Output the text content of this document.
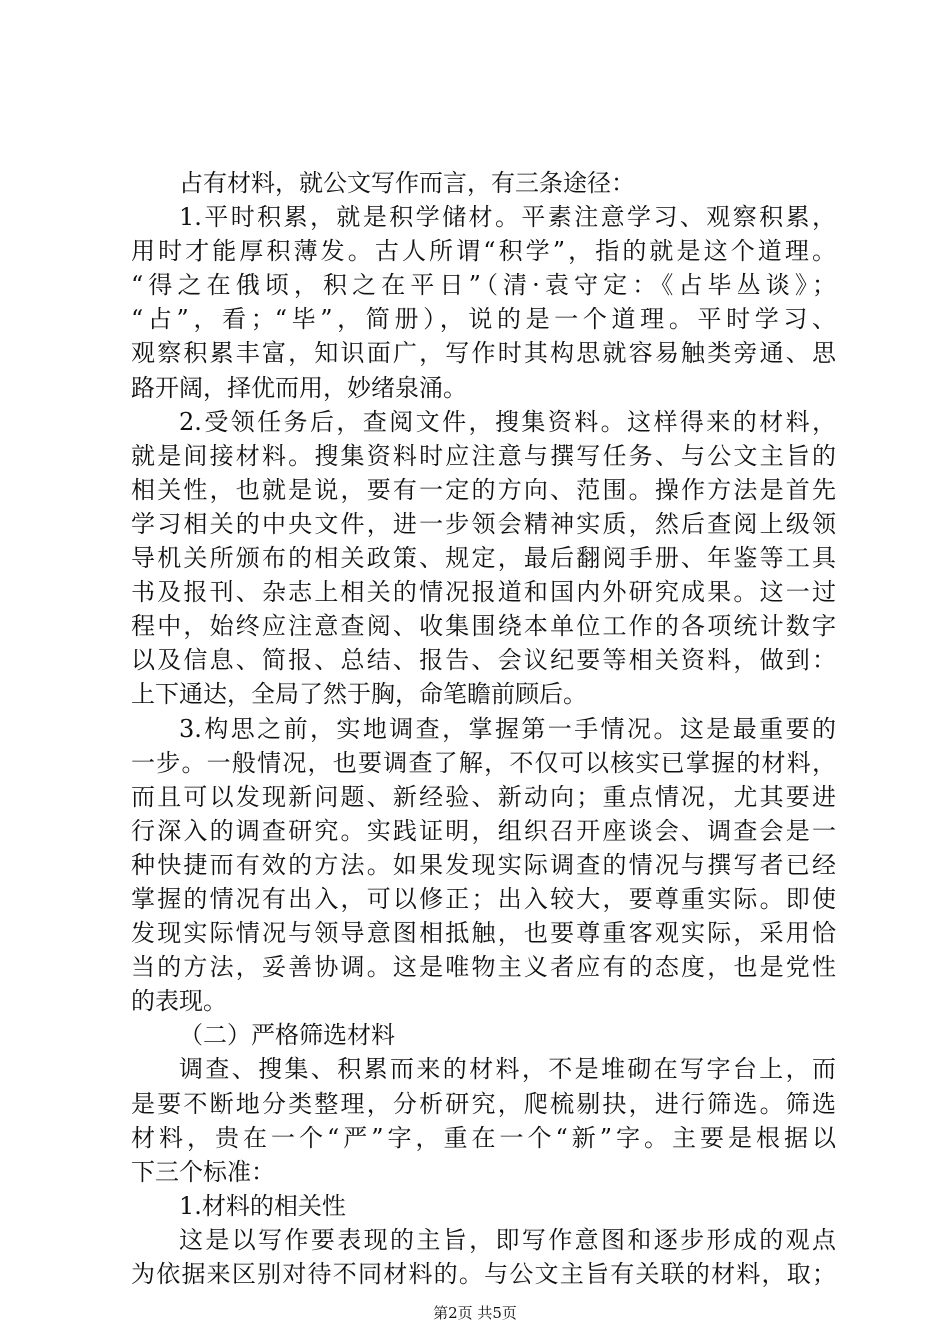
占有材料，就公文写作而言，有三条途径：
1.平时积累，就是积学储材。平素注意学习、观察积累，
用时才能厚积薄发。古人所谓“积学”，指的就是这个道理。
“得之在俄顷，积之在平日”（清·袁守定：《占毕丛谈》；
“占”，看；“毕”，简册），说的是一个道理。平时学习、
观察积累丰富，知识面广，写作时其构思就容易触类旁通、思
路开阔，择优而用，妙绪泉涌。
2.受领任务后，查阅文件，搜集资料。这样得来的材料，
就是间接材料。搜集资料时应注意与撰写任务、与公文主旨的
相关性，也就是说，要有一定的方向、范围。操作方法是首先
学习相关的中央文件，进一步领会精神实质，然后查阅上级领
导机关所颁布的相关政策、规定，最后翻阅手册、年鉴等工具
书及报刊、杂志上相关的情况报道和国内外研究成果。这一过
程中，始终应注意查阅、收集围绕本单位工作的各项统计数字
以及信息、简报、总结、报告、会议纪要等相关资料，做到：
上下通达，全局了然于胸，命笔瞻前顾后。
3.构思之前，实地调查，掌握第一手情况。这是最重要的
一步。一般情况，也要调查了解，不仅可以核实已掌握的材料，
而且可以发现新问题、新经验、新动向；重点情况，尤其要进
行深入的调查研究。实践证明，组织召开座谈会、调查会是一
种快捷而有效的方法。如果发现实际调查的情况与撰写者已经
掌握的情况有出入，可以修正；出入较大，要尊重实际。即使
发现实际情况与领导意图相抵触，也要尊重客观实际，采用恰
当的方法，妥善协调。这是唯物主义者应有的态度，也是党性
的表现。
（二）严格筛选材料
调查、搜集、积累而来的材料，不是堆砌在写字台上，而
是要不断地分类整理，分析研究，爬梳剔抉，进行筛选。筛选
材料，贵在一个“严”字，重在一个“新”字。主要是根据以
下三个标准：
1.材料的相关性
这是以写作要表现的主旨，即写作意图和逐步形成的观点
为依据来区别对待不同材料的。与公文主旨有关联的材料，取；
第2页 共5页
